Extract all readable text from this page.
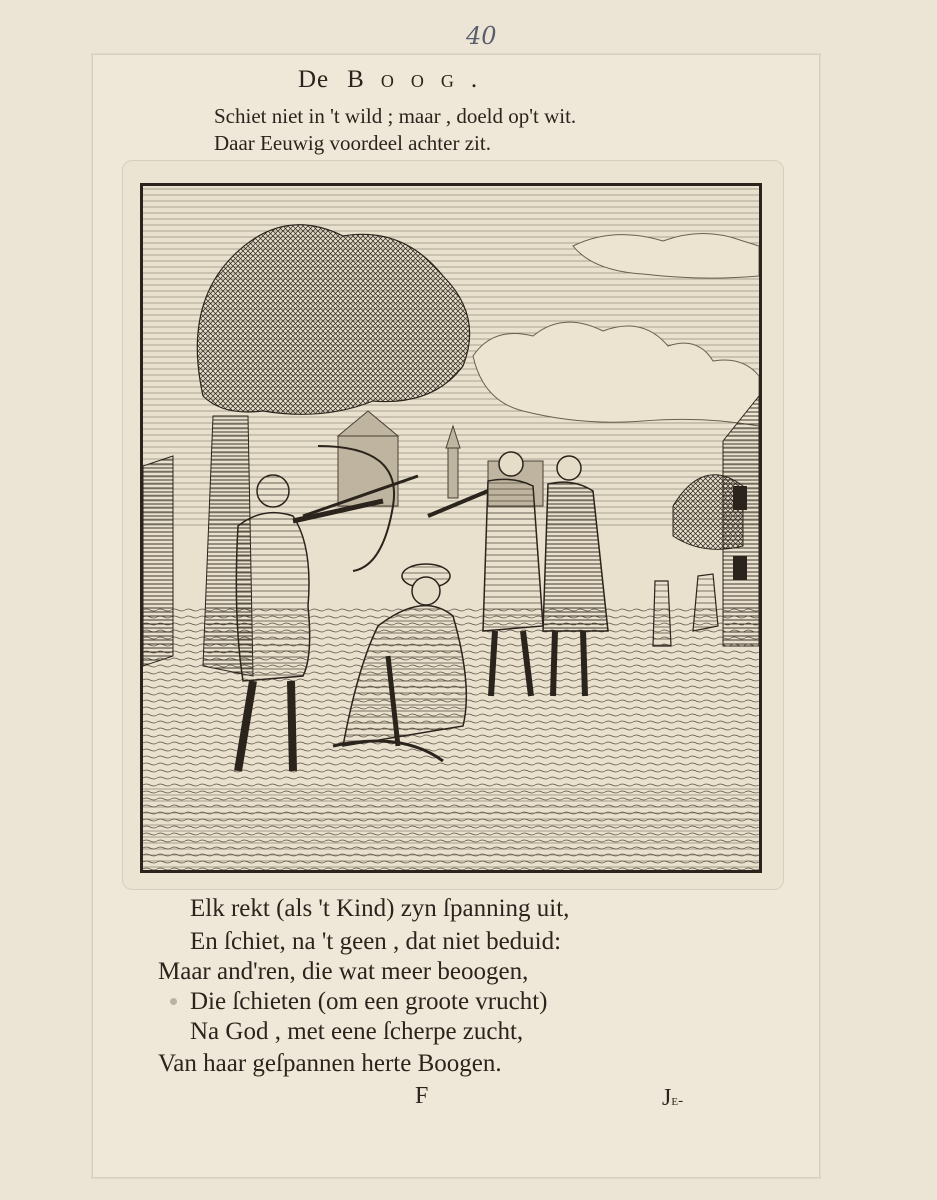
40
De Boog.
Schiet niet in 't wild ; maar , doeld op't wit.
Daar Eeuwig voordeel achter zit.
Elk rekt (als 't Kind) zyn ſpanning uit,
En ſchiet, na 't geen , dat niet beduid:
Maar and'ren, die wat meer beoogen,
Die ſchieten (om een groote vrucht)
Na God , met eene ſcherpe zucht,
Van haar geſpannen herte Boogen.
F	Je-
